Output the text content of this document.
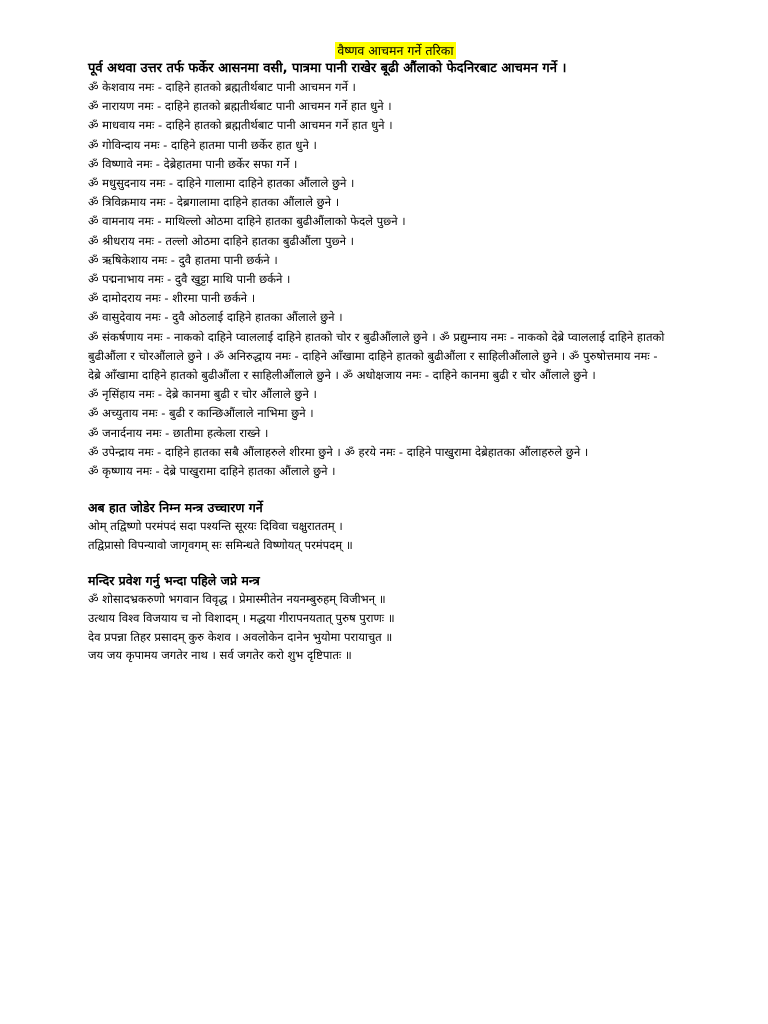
वैष्णव आचमन गर्ने तरिका
पूर्व अथवा उत्तर तर्फ फर्केर आसनमा वसी, पात्रमा पानी राखेर बूढी औंलाको फेदनिरबाट आचमन गर्ने ।
ॐ केशवाय नमः - दाहिने हातको ब्रह्मतीर्थबाट पानी आचमन गर्ने ।
ॐ नारायण नमः - दाहिने हातको ब्रह्मतीर्थबाट पानी आचमन गर्ने हात धुने ।
ॐ माधवाय नमः - दाहिने हातको ब्रह्मतीर्थबाट पानी आचमन गर्ने हात धुने ।
ॐ गोविन्दाय नमः - दाहिने हातमा पानी छर्केर हात धुने ।
ॐ विष्णावे नमः - देब्रेहातमा पानी छर्केर सफा गर्ने ।
ॐ मधुसुदनाय नमः - दाहिने गालामा दाहिने हातका औंलाले छुने ।
ॐ त्रिविक्रमाय नमः - देब्रगालामा दाहिने हातका औंलाले छुने ।
ॐ वामनाय नमः - माथिल्लो ओठमा दाहिने हातका बुढीऔंलाको फेदले पुछ्ने ।
ॐ श्रीधराय नमः - तल्लो ओठमा दाहिने हातका बुढीऔंला पुछ्ने ।
ॐ ऋषिकेशाय नमः - दुवै हातमा पानी छर्कने ।
ॐ पद्मनाभाय नमः - दुवै खुट्टा माथि पानी छर्कने ।
ॐ दामोदराय नमः - शीरमा पानी छर्कने ।
ॐ वासुदेवाय नमः - दुवै ओठलाई दाहिने हातका औंलाले छुने ।
ॐ संकर्षणाय नमः - नाकको दाहिने प्वाललाई दाहिने हातको चोर र बुढीऔंलाले छुने । ॐ प्रद्युम्नाय नमः - नाकको देब्रे प्वाललाई दाहिने हातको बुढीऔंला र चोरऔंलाले छुने । ॐ अनिरुद्धाय नमः - दाहिने आँखामा दाहिने हातको बुढीऔंला र साहिलीऔंलाले छुने । ॐ पुरुषोत्तमाय नमः - देब्रे आँखामा दाहिने हातको बुढीऔंला र साहिलीऔंलाले छुने । ॐ अधोक्षजाय नमः - दाहिने कानमा बुढी र चोर औंलाले छुने ।
ॐ नृसिंहाय नमः - देब्रे कानमा बुढी र चोर औंलाले छुने ।
ॐ अच्युताय नमः - बुढी र कान्छिऔंलाले नाभिमा छुने ।
ॐ जनार्दनाय नमः - छातीमा हत्केला राख्ने ।
ॐ उपेन्द्राय नमः - दाहिने हातका सबै औंलाहरुले शीरमा छुने । ॐ हरये नमः - दाहिने पाखुरामा देब्रेहातका औंलाहरुले छुने ।
ॐ कृष्णाय नमः - देब्रे पाखुरामा दाहिने हातका औंलाले छुने ।
अब हात जोडेर निम्न मन्त्र उच्चारण गर्ने
ओम् तद्विष्णो परमंपदं सदा पश्यन्ति सूरयः दिविवा चक्षुराततम् ।
तद्विप्रासो विपन्यावो जागृवगम् सः समिन्धते विष्णोयत् परमंपदम् ॥
मन्दिर प्रवेश गर्नु भन्दा पहिले जप्ने मन्त्र
ॐ शोसादभ्रकरुणो भगवान विवृद्ध । प्रेमास्मीतेन नयनम्बुरुहम् विजीभन् ॥
उत्थाय विश्व विजयाय च नो विशादम् । मद्धया गीरापनयतात् पुरुष पुराणः ॥
देव प्रपन्ना तिहर प्रसादम् कुरु केशव । अवलोकेन दानेन भुयोमा परायाचुत ॥
जय जय कृपामय जगतेर नाथ । सर्व जगतेर करो शुभ दृष्टिपातः ॥
